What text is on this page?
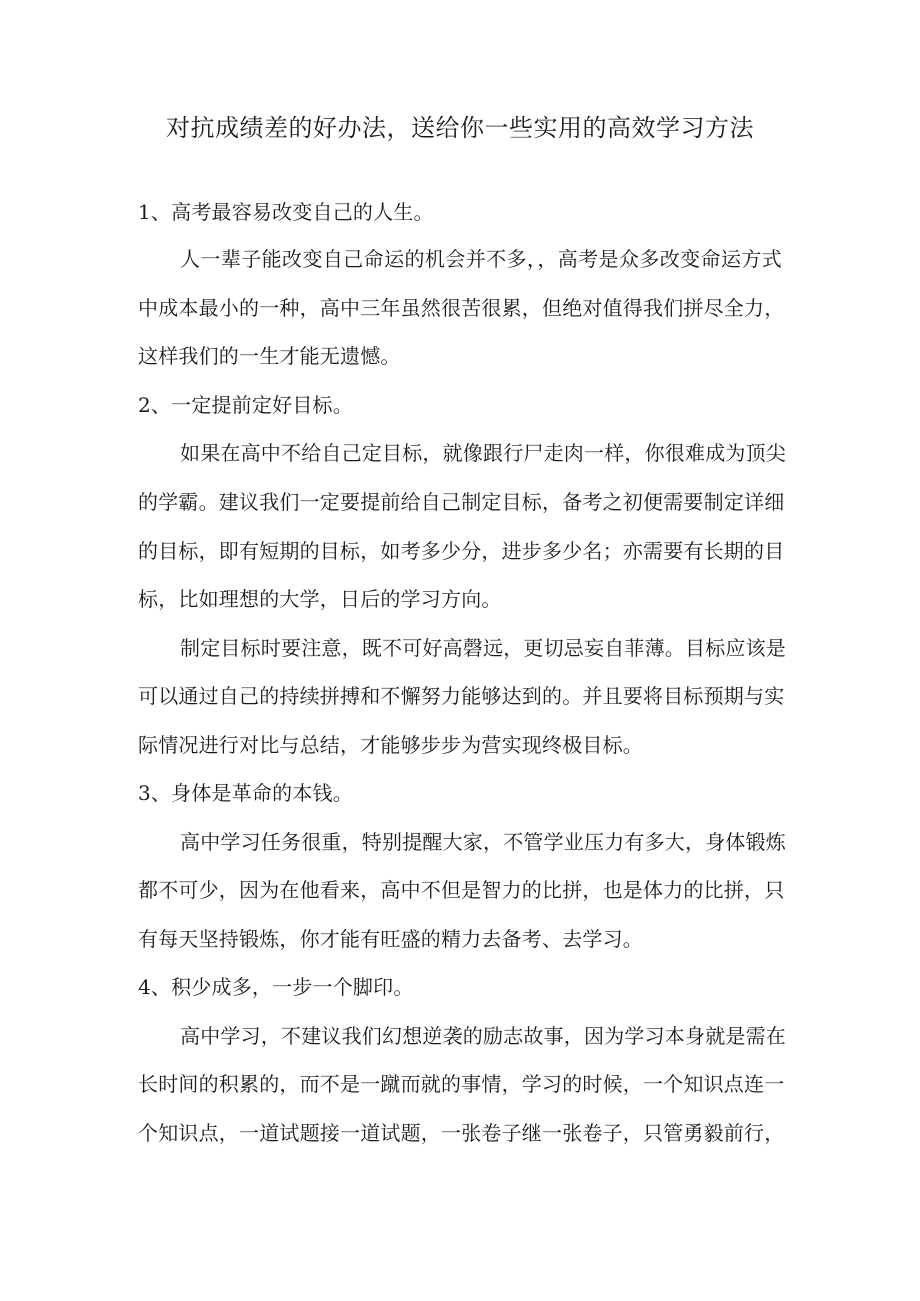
对抗成绩差的好办法，送给你一些实用的高效学习方法
1、高考最容易改变自己的人生。
人一辈子能改变自己命运的机会并不多，，高考是众多改变命运方式
中成本最小的一种，高中三年虽然很苦很累，但绝对值得我们拼尽全力，
这样我们的一生才能无遗憾。
2、一定提前定好目标。
如果在高中不给自己定目标，就像跟行尸走肉一样，你很难成为顶尖
的学霸。建议我们一定要提前给自己制定目标，备考之初便需要制定详细
的目标，即有短期的目标，如考多少分，进步多少名；亦需要有长期的目
标，比如理想的大学，日后的学习方向。
制定目标时要注意，既不可好高磬远，更切忌妄自菲薄。目标应该是
可以通过自己的持续拼搏和不懈努力能够达到的。并且要将目标预期与实
际情况进行对比与总结，才能够步步为营实现终极目标。
3、身体是革命的本钱。
高中学习任务很重，特别提醒大家，不管学业压力有多大，身体锻炼
都不可少，因为在他看来，高中不但是智力的比拼，也是体力的比拼，只
有每天坚持锻炼，你才能有旺盛的精力去备考、去学习。
4、积少成多，一步一个脚印。
高中学习，不建议我们幻想逆袭的励志故事，因为学习本身就是需在
长时间的积累的，而不是一蹴而就的事情，学习的时候，一个知识点连一
个知识点，一道试题接一道试题，一张卷子继一张卷子，只管勇毅前行，
